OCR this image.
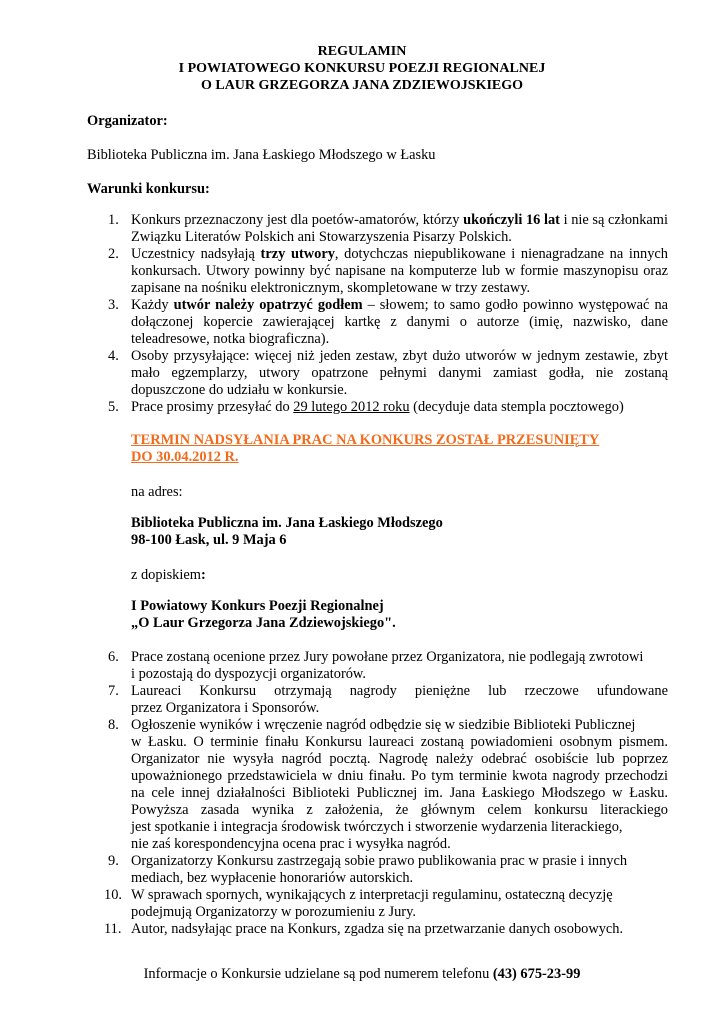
REGULAMIN
I POWIATOWEGO KONKURSU POEZJI REGIONALNEJ
O LAUR GRZEGORZA JANA ZDZIEWOJSKIEGO
Organizator:
Biblioteka Publiczna im. Jana Łaskiego Młodszego w Łasku
Warunki konkursu:
1. Konkurs przeznaczony jest dla poetów-amatorów, którzy ukończyli 16 lat i nie są członkami Związku Literatów Polskich ani Stowarzyszenia Pisarzy Polskich.
2. Uczestnicy nadsyłają trzy utwory, dotychczas niepublikowane i nienagradzane na innych konkursach. Utwory powinny być napisane na komputerze lub w formie maszynopisu oraz zapisane na nośniku elektronicznym, skompletowane w trzy zestawy.
3. Każdy utwór należy opatrzyć godłem – słowem; to samo godło powinno występować na dołączonej kopercie zawierającej kartkę z danymi o autorze (imię, nazwisko, dane teleadresowe, notka biograficzna).
4. Osoby przysyłające: więcej niż jeden zestaw, zbyt dużo utworów w jednym zestawie, zbyt mało egzemplarzy, utwory opatrzone pełnymi danymi zamiast godła, nie zostaną dopuszczone do udziału w konkursie.
5. Prace prosimy przesyłać do 29 lutego 2012 roku (decyduje data stempla pocztowego)
TERMIN NADSYŁANIA PRAC NA KONKURS ZOSTAŁ PRZESUNIĘTY
DO 30.04.2012 R.
na adres:
Biblioteka Publiczna im. Jana Łaskiego Młodszego
98-100 Łask, ul. 9 Maja 6
z dopiskiem:
I Powiatowy Konkurs Poezji Regionalnej
„O Laur Grzegorza Jana Zdziewojskiego".
6. Prace zostaną ocenione przez Jury powołane przez Organizatora, nie podlegają zwrotowi
i pozostają do dyspozycji organizatorów.
7. Laureaci Konkursu otrzymają nagrody pieniężne lub rzeczowe ufundowane
przez Organizatora i Sponsorów.
8. Ogłoszenie wyników i wręczenie nagród odbędzie się w siedzibie Biblioteki Publicznej
w Łasku. O terminie finału Konkursu laureaci zostaną powiadomieni osobnym pismem.
Organizator nie wysyła nagród pocztą. Nagrodę należy odebrać osobiście lub poprzez
upoważnionego przedstawiciela w dniu finału. Po tym terminie kwota nagrody przechodzi
na cele innej działalności Biblioteki Publicznej im. Jana Łaskiego Młodszego w Łasku.
Powyższa zasada wynika z założenia, że głównym celem konkursu literackiego
jest spotkanie i integracja środowisk twórczych i stworzenie wydarzenia literackiego,
nie zaś korespondencyjna ocena prac i wysyłka nagród.
9. Organizatorzy Konkursu zastrzegają sobie prawo publikowania prac w prasie i innych
mediach, bez wypłacenie honorariów autorskich.
10. W sprawach spornych, wynikających z interpretacji regulaminu, ostateczną decyzję
podejmują Organizatorzy w porozumieniu z Jury.
11. Autor, nadsyłając prace na Konkurs, zgadza się na przetwarzanie danych osobowych.
Informacje o Konkursie udzielane są pod numerem telefonu (43) 675-23-99
